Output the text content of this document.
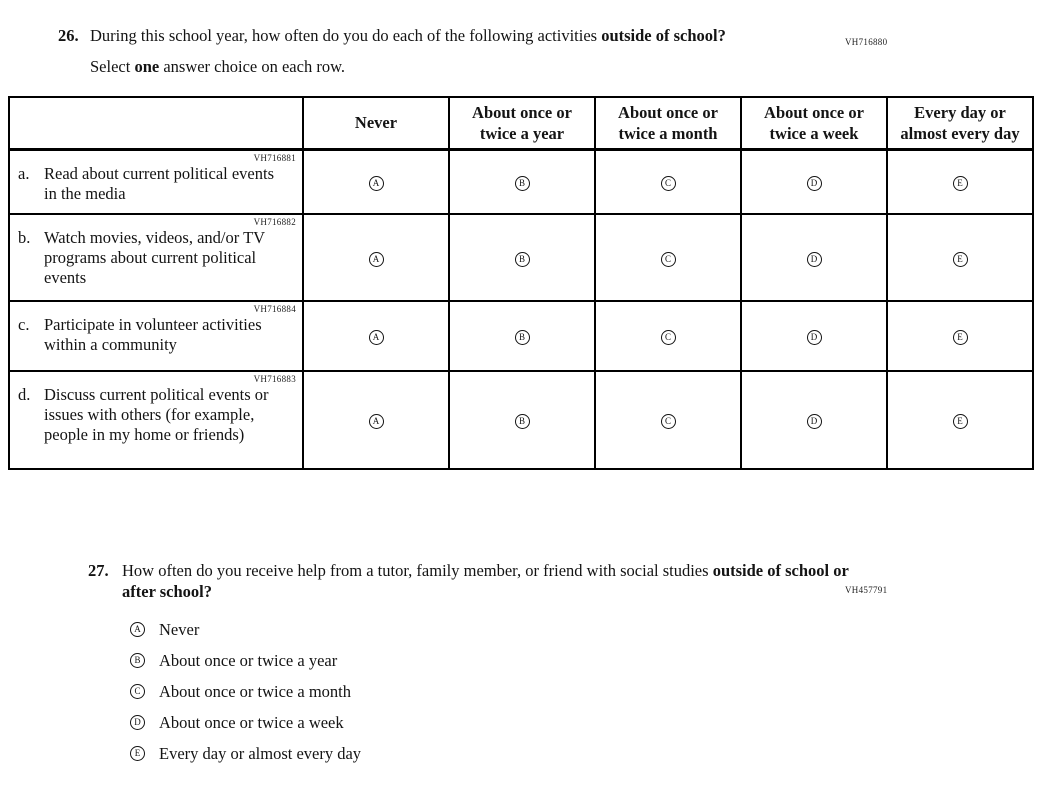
VH716880
VH457791
26. During this school year, how often do you do each of the following activities outside of school?

Select one answer choice on each row.

	Never	About once or twice a year	About once or twice a month	About once or twice a week	Every day or almost every day

VH716881
a. Read about current political events in the media	A	B	C	D	E

VH716882
b. Watch movies, videos, and/or TV programs about current political events	A	B	C	D	E

VH716884
c. Participate in volunteer activities within a community	A	B	C	D	E

VH716883
d. Discuss current political events or issues with others (for example, people in my home or friends)	A	B	C	D	E
27. How often do you receive help from a tutor, family member, or friend with social studies outside of school or after school?

A Never
B About once or twice a year
C About once or twice a month
D About once or twice a week
E Every day or almost every day
